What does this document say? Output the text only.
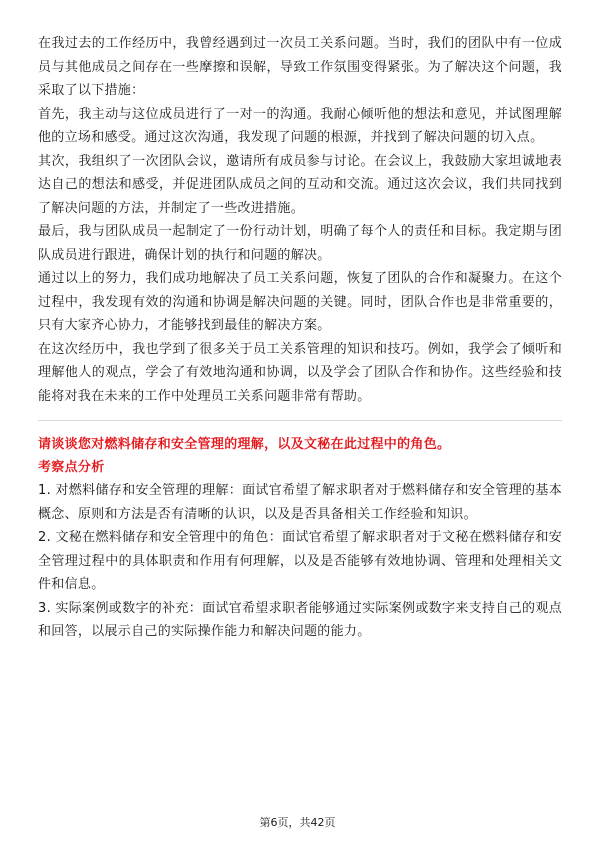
在我过去的工作经历中，我曾经遇到过一次员工关系问题。当时，我们的团队中有一位成员与其他成员之间存在一些摩擦和误解，导致工作氛围变得紧张。为了解决这个问题，我采取了以下措施：

首先，我主动与这位成员进行了一对一的沟通。我耐心倾听他的想法和意见，并试图理解他的立场和感受。通过这次沟通，我发现了问题的根源，并找到了解决问题的切入点。

其次，我组织了一次团队会议，邀请所有成员参与讨论。在会议上，我鼓励大家坦诚地表达自己的想法和感受，并促进团队成员之间的互动和交流。通过这次会议，我们共同找到了解决问题的方法，并制定了一些改进措施。

最后，我与团队成员一起制定了一份行动计划，明确了每个人的责任和目标。我定期与团队成员进行跟进，确保计划的执行和问题的解决。

通过以上的努力，我们成功地解决了员工关系问题，恢复了团队的合作和凝聚力。在这个过程中，我发现有效的沟通和协调是解决问题的关键。同时，团队合作也是非常重要的，只有大家齐心协力，才能够找到最佳的解决方案。

在这次经历中，我也学到了很多关于员工关系管理的知识和技巧。例如，我学会了倾听和理解他人的观点，学会了有效地沟通和协调，以及学会了团队合作和协作。这些经验和技能将对我在未来的工作中处理员工关系问题非常有帮助。

请谈谈您对燃料储存和安全管理的理解，以及文秘在此过程中的角色。

考察点分析

1. 对燃料储存和安全管理的理解：面试官希望了解求职者对于燃料储存和安全管理的基本概念、原则和方法是否有清晰的认识，以及是否具备相关工作经验和知识。

2. 文秘在燃料储存和安全管理中的角色：面试官希望了解求职者对于文秘在燃料储存和安全管理过程中的具体职责和作用有何理解，以及是否能够有效地协调、管理和处理相关文件和信息。

3. 实际案例或数字的补充：面试官希望求职者能够通过实际案例或数字来支持自己的观点和回答，以展示自己的实际操作能力和解决问题的能力。

第6页，共42页
